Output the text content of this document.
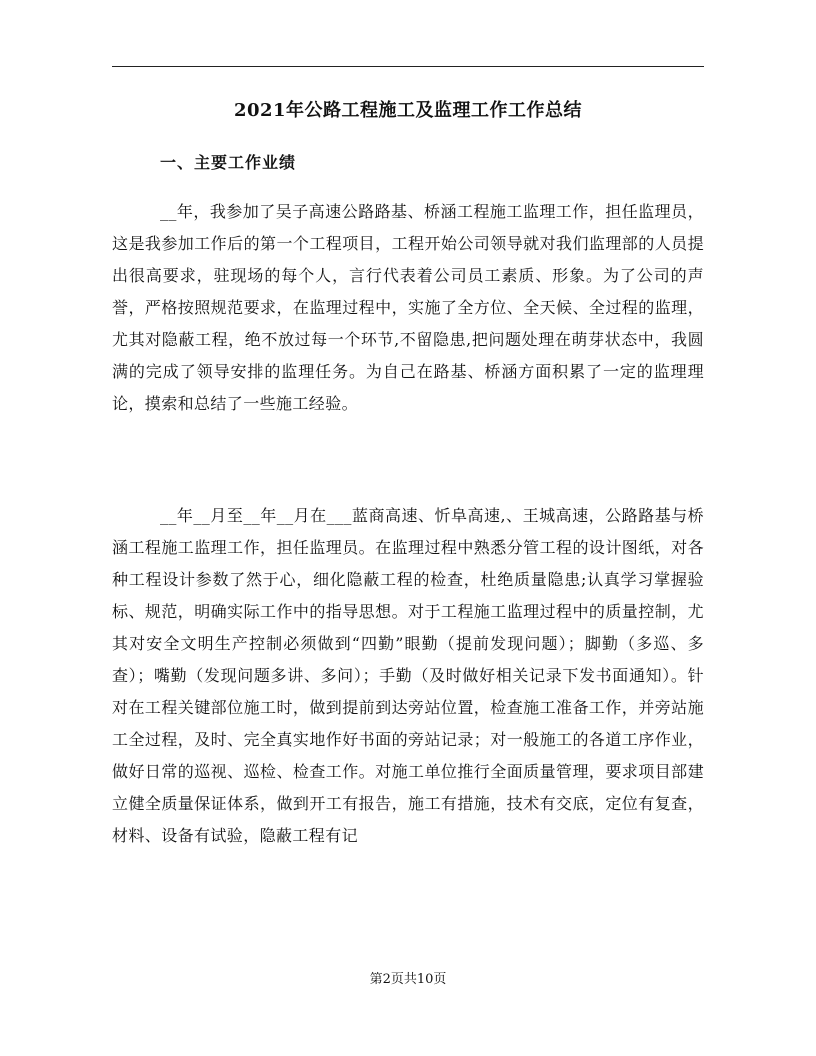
2021年公路工程施工及监理工作工作总结
一、主要工作业绩

__年，我参加了吴子高速公路路基、桥涵工程施工监理工作，担任监理员，这是我参加工作后的第一个工程项目，工程开始公司领导就对我们监理部的人员提出很高要求，驻现场的每个人，言行代表着公司员工素质、形象。为了公司的声誉，严格按照规范要求，在监理过程中，实施了全方位、全天候、全过程的监理，尤其对隐蔽工程，绝不放过每一个环节,不留隐患,把问题处理在萌芽状态中，我圆满的完成了领导安排的监理任务。为自己在路基、桥涵方面积累了一定的监理理论，摸索和总结了一些施工经验。

__年__月至__年__月在___蓝商高速、忻阜高速,、王城高速，公路路基与桥涵工程施工监理工作，担任监理员。在监理过程中熟悉分管工程的设计图纸，对各种工程设计参数了然于心，细化隐蔽工程的检查，杜绝质量隐患;认真学习掌握验标、规范，明确实际工作中的指导思想。对于工程施工监理过程中的质量控制，尤其对安全文明生产控制必须做到“四勤”眼勤（提前发现问题）；脚勤（多巡、多查）；嘴勤（发现问题多讲、多问）；手勤（及时做好相关记录下发书面通知）。针对在工程关键部位施工时，做到提前到达旁站位置，检查施工准备工作，并旁站施工全过程，及时、完全真实地作好书面的旁站记录；对一般施工的各道工序作业，做好日常的巡视、巡检、检查工作。对施工单位推行全面质量管理，要求项目部建立健全质量保证体系，做到开工有报告，施工有措施，技术有交底，定位有复查，材料、设备有试验，隐蔽工程有记

第2页共10页
